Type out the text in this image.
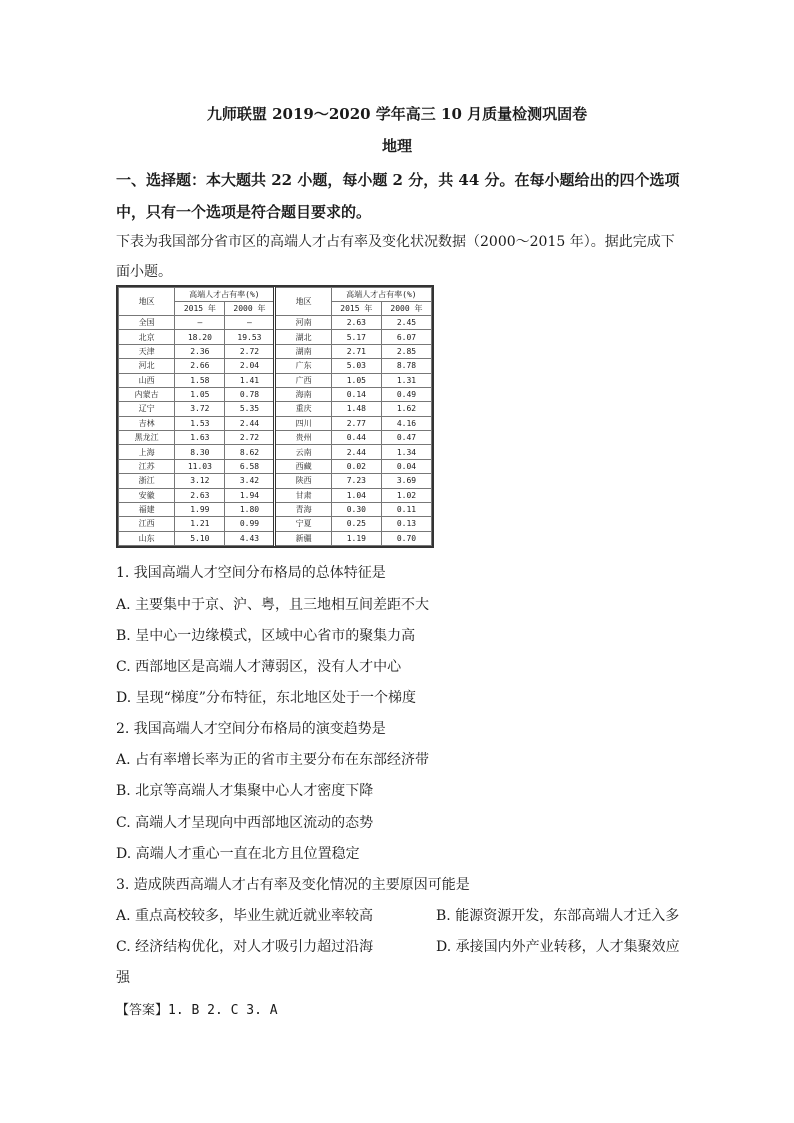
九师联盟 2019～2020 学年高三 10 月质量检测巩固卷
地理
一、选择题：本大题共 22 小题，每小题 2 分，共 44 分。在每小题给出的四个选项中，只有一个选项是符合题目要求的。
下表为我国部分省市区的高端人才占有率及变化状况数据（2000～2015 年）。据此完成下面小题。
地区	高端人才占有率(%)		地区	高端人才占有率(%)	
	2015 年	2000 年		2015 年	2000 年
全国	—	—	河南	2.63	2.45
北京	18.20	19.53	湖北	5.17	6.07
天津	2.36	2.72	湖南	2.71	2.85
河北	2.66	2.04	广东	5.03	8.78
山西	1.58	1.41	广西	1.05	1.31
内蒙古	1.05	0.78	海南	0.14	0.49
辽宁	3.72	5.35	重庆	1.48	1.62
吉林	1.53	2.44	四川	2.77	4.16
黑龙江	1.63	2.72	贵州	0.44	0.47
上海	8.30	8.62	云南	2.44	1.34
江苏	11.03	6.58	西藏	0.02	0.04
浙江	3.12	3.42	陕西	7.23	3.69
安徽	2.63	1.94	甘肃	1.04	1.02
福建	1.99	1.80	青海	0.30	0.11
江西	1.21	0.99	宁夏	0.25	0.13
山东	5.10	4.43	新疆	1.19	0.70
1. 我国高端人才空间分布格局的总体特征是
A. 主要集中于京、沪、粤，且三地相互间差距不大
B. 呈中心一边缘模式，区域中心省市的聚集力高
C. 西部地区是高端人才薄弱区，没有人才中心
D. 呈现“梯度”分布特征，东北地区处于一个梯度
2. 我国高端人才空间分布格局的演变趋势是
A. 占有率增长率为正的省市主要分布在东部经济带
B. 北京等高端人才集聚中心人才密度下降
C. 高端人才呈现向中西部地区流动的态势
D. 高端人才重心一直在北方且位置稳定
3. 造成陕西高端人才占有率及变化情况的主要原因可能是
A. 重点高校较多，毕业生就近就业率较高	B. 能源资源开发，东部高端人才迁入多
C. 经济结构优化，对人才吸引力超过沿海	D. 承接国内外产业转移，人才集聚效应
强
【答案】1. B 2. C 3. A
